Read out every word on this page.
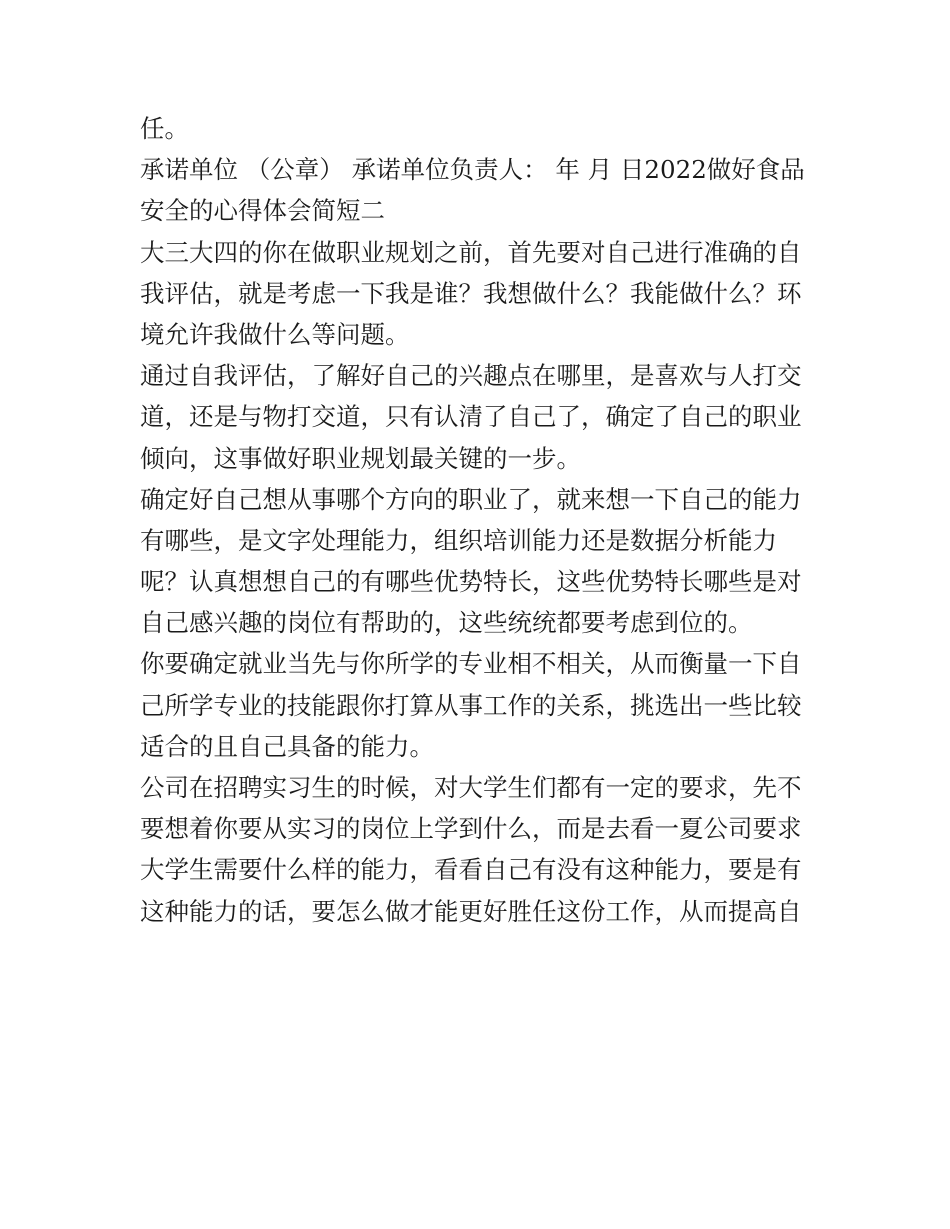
任。
承诺单位 （公章） 承诺单位负责人： 年 月 日2022做好食品
安全的心得体会简短二
大三大四的你在做职业规划之前，首先要对自己进行准确的自
我评估，就是考虑一下我是谁？我想做什么？我能做什么？环
境允许我做什么等问题。
通过自我评估，了解好自己的兴趣点在哪里，是喜欢与人打交
道，还是与物打交道，只有认清了自己了，确定了自己的职业
倾向，这事做好职业规划最关键的一步。
确定好自己想从事哪个方向的职业了，就来想一下自己的能力
有哪些，是文字处理能力，组织培训能力还是数据分析能力
呢？认真想想自己的有哪些优势特长，这些优势特长哪些是对
自己感兴趣的岗位有帮助的，这些统统都要考虑到位的。
你要确定就业当先与你所学的专业相不相关，从而衡量一下自
己所学专业的技能跟你打算从事工作的关系，挑选出一些比较
适合的且自己具备的能力。
公司在招聘实习生的时候，对大学生们都有一定的要求，先不
要想着你要从实习的岗位上学到什么，而是去看一夏公司要求
大学生需要什么样的能力，看看自己有没有这种能力，要是有
这种能力的话，要怎么做才能更好胜任这份工作，从而提高自
